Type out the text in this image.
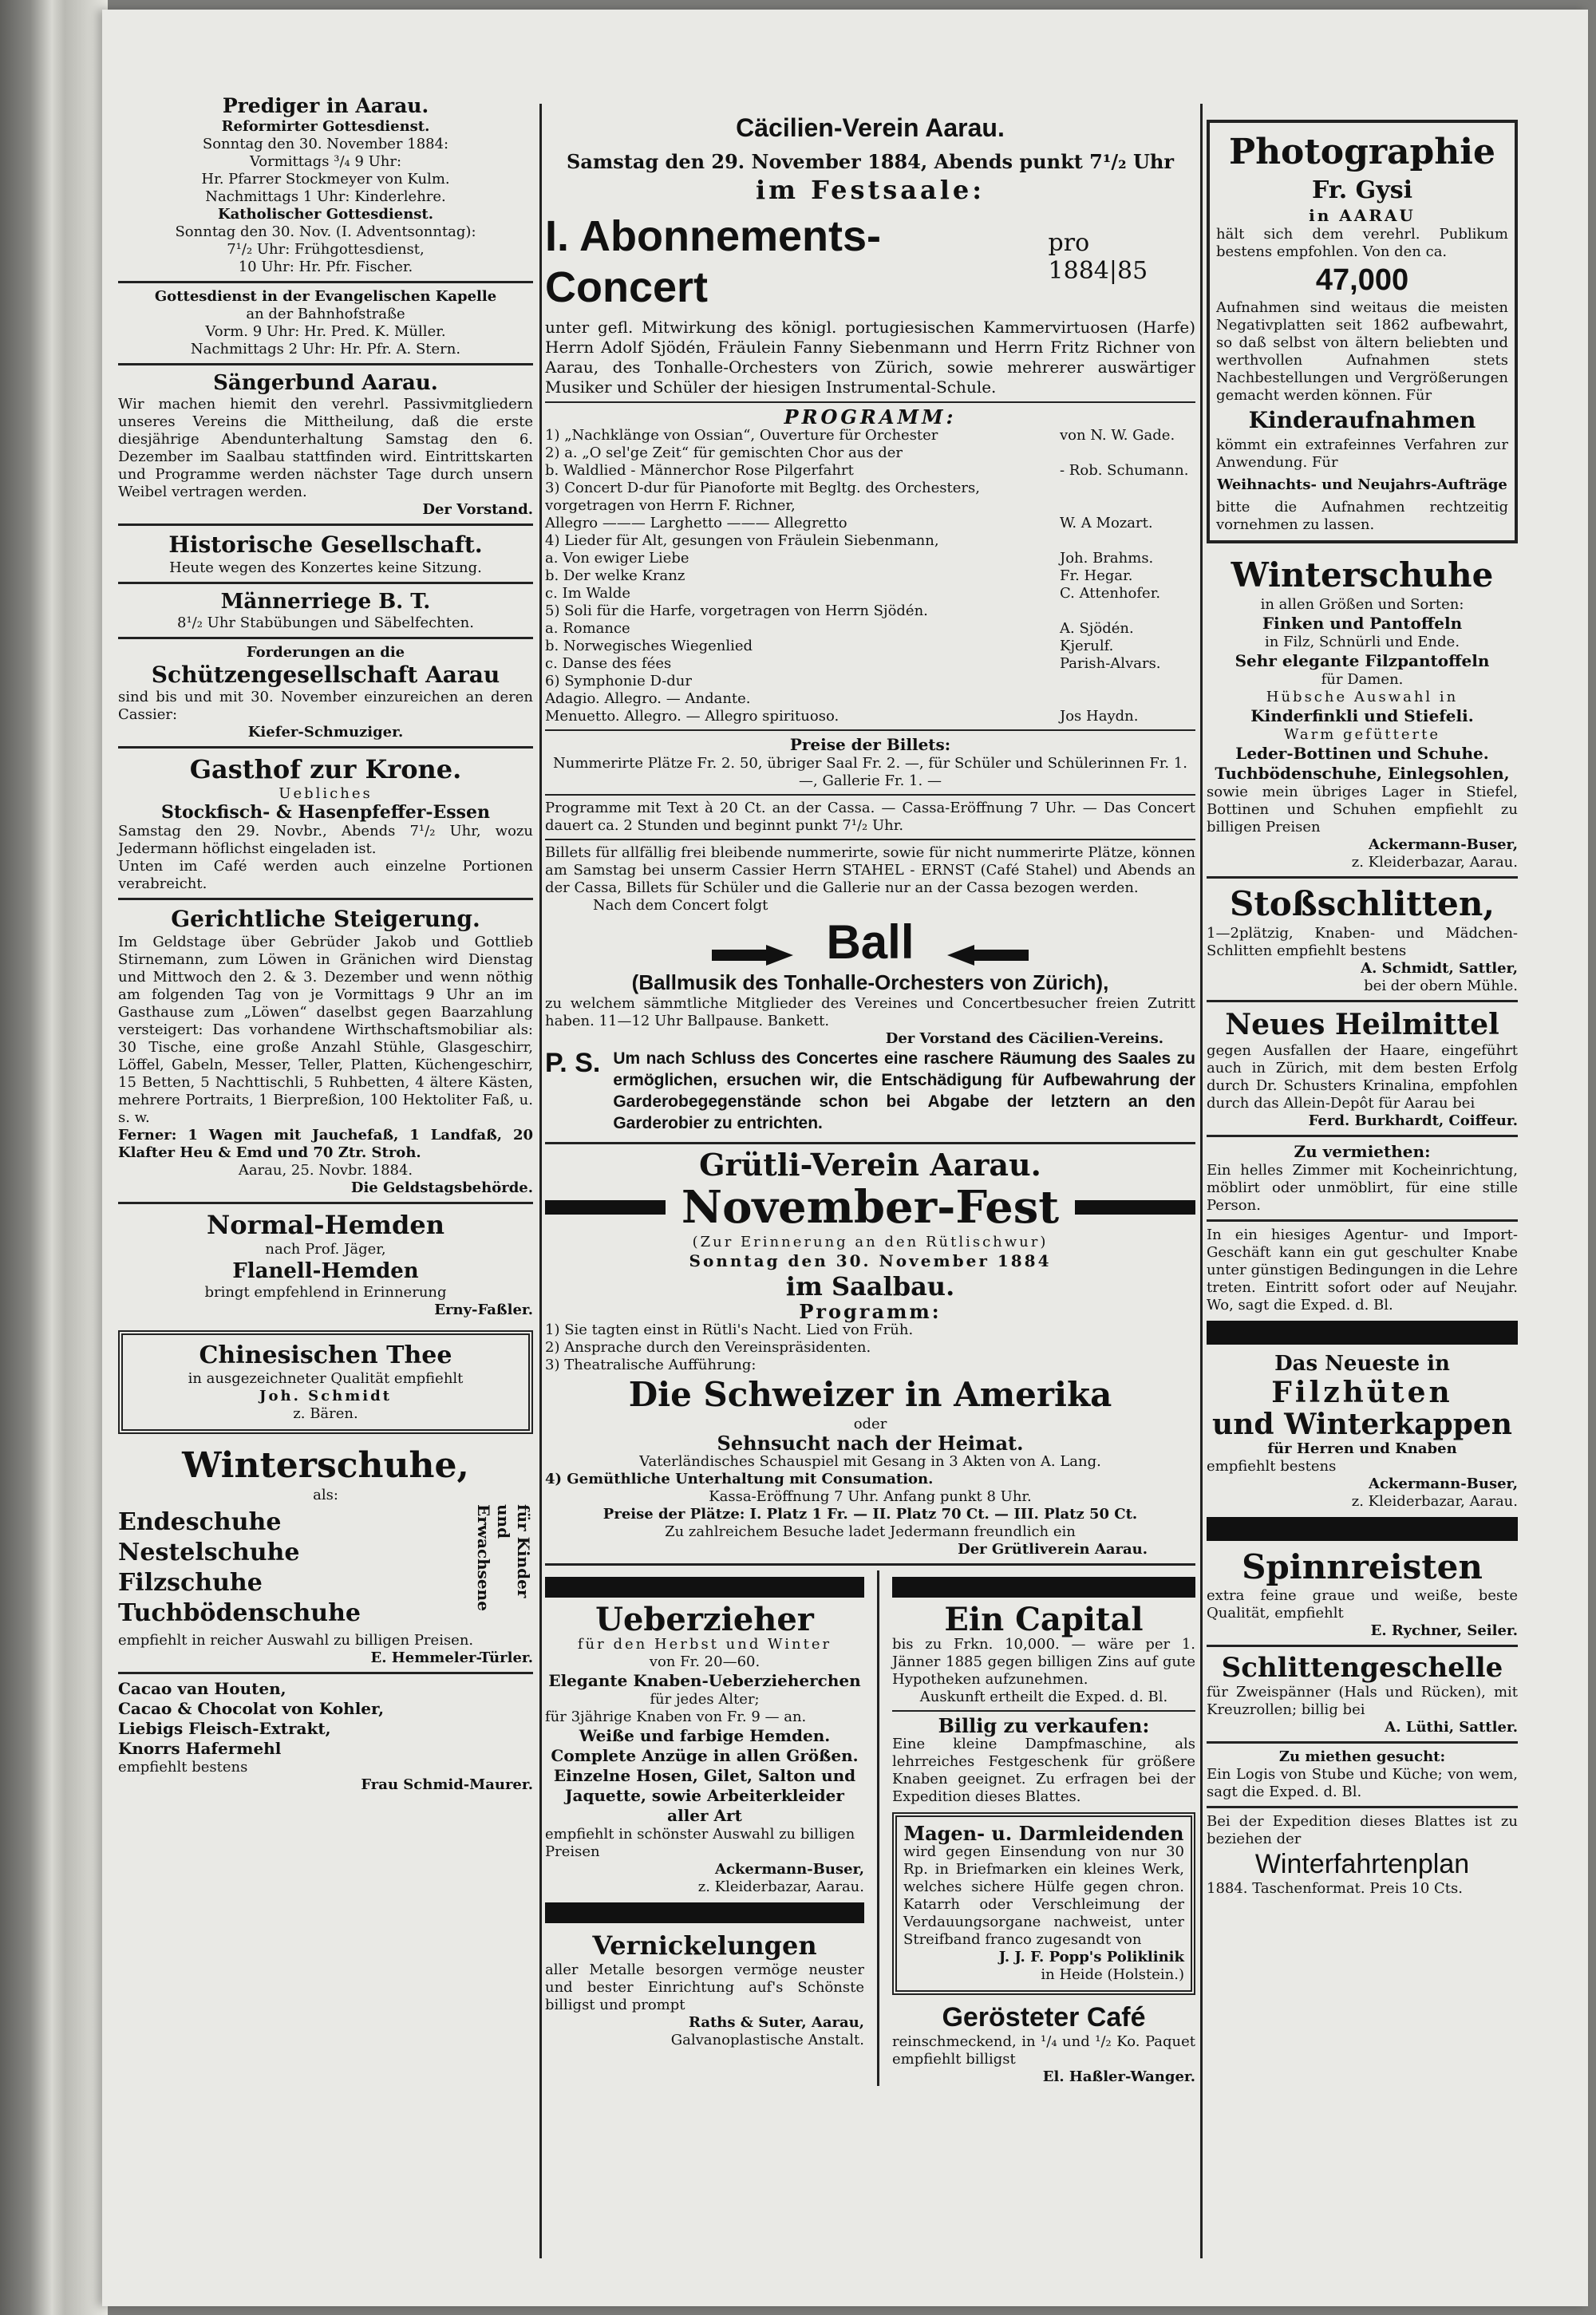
Prediger in Aarau.

Reformirter Gottesdienst.

Sonntag den 30. November 1884:

Vormittags ³/₄ 9 Uhr:

Hr. Pfarrer Stockmeyer von Kulm.

Nachmittags 1 Uhr: Kinderlehre.

Katholischer Gottesdienst.

Sonntag den 30. Nov. (I. Adventsonntag):

7¹/₂ Uhr: Frühgottesdienst,

10 Uhr: Hr. Pfr. Fischer.

Gottesdienst in der Evangelischen Kapelle

an der Bahnhofstraße

Vorm. 9 Uhr: Hr. Pred. K. Müller.

Nachmittags 2 Uhr: Hr. Pfr. A. Stern.

Sängerbund Aarau.

Wir machen hiemit den verehrl. Passivmitgliedern unseres Vereins die Mittheilung, daß die erste diesjährige Abendunterhaltung Samstag den 6. Dezember im Saalbau stattfinden wird. Eintrittskarten und Programme werden nächster Tage durch unsern Weibel vertragen werden.

Der Vorstand.

Historische Gesellschaft.

Heute wegen des Konzertes keine Sitzung.

Männerriege B. T.

8¹/₂ Uhr Stabübungen und Säbelfechten.

Forderungen an die

Schützengesellschaft Aarau

sind bis und mit 30. November einzureichen an deren Cassier:

Kiefer-Schmuziger.

Gasthof zur Krone.

Uebliches

Stockfisch- & Hasenpfeffer-Essen

Samstag den 29. Novbr., Abends 7¹/₂ Uhr, wozu Jedermann höflichst eingeladen ist.

Unten im Café werden auch einzelne Portionen verabreicht.

Gerichtliche Steigerung.

Im Geldstage über Gebrüder Jakob und Gottlieb Stirnemann, zum Löwen in Gränichen wird Dienstag und Mittwoch den 2. & 3. Dezember und wenn nöthig am folgenden Tag von je Vormittags 9 Uhr an im Gasthause zum „Löwen“ daselbst gegen Baarzahlung versteigert: Das vorhandene Wirthschaftsmobiliar als: 30 Tische, eine große Anzahl Stühle, Glasgeschirr, Löffel, Gabeln, Messer, Teller, Platten, Küchengeschirr, 15 Betten, 5 Nachttischli, 5 Ruhbetten, 4 ältere Kästen, mehrere Portraits, 1 Bierpreßion, 100 Hektoliter Faß, u. s. w.

Ferner: 1 Wagen mit Jauchefaß, 1 Landfaß, 20 Klafter Heu & Emd und 70 Ztr. Stroh.

Aarau, 25. Novbr. 1884.

Die Geldstagsbehörde.

Normal-Hemden

nach Prof. Jäger,

Flanell-Hemden

bringt empfehlend in Erinnerung

Erny-Faßler.

Chinesischen Thee

in ausgezeichneter Qualität empfiehlt

Joh. Schmidt

z. Bären.

Winterschuhe,

als:

Endeschuhe

Nestelschuhe

Filzschuhe

Tuchbödenschuhe

für Kinder und Erwachsene

empfiehlt in reicher Auswahl zu billigen Preisen.

E. Hemmeler-Türler.

Cacao van Houten,

Cacao & Chocolat von Kohler,

Liebigs Fleisch-Extrakt,

Knorrs Hafermehl

empfiehlt bestens

Frau Schmid-Maurer.

Cäcilien-Verein Aarau.

Samstag den 29. November 1884, Abends punkt 7¹/₂ Uhr

im Festsaale:

I. Abonnements-Concert

pro 1884|85

unter gefl. Mitwirkung des königl. portugiesischen Kammervirtuosen (Harfe) Herrn Adolf Sjödén, Fräulein Fanny Siebenmann und Herrn Fritz Richner von Aarau, des Tonhalle-Orchesters von Zürich, sowie mehrerer auswärtiger Musiker und Schüler der hiesigen Instrumental-Schule.

PROGRAMM:

1) „Nachklänge von Ossian“, Ouverture für Orchester	von N. W. Gade.
2) a. „O sel'ge Zeit“ für gemischten Chor aus der
b. Waldlied - Männerchor Rose Pilgerfahrt	- Rob. Schumann.
3) Concert D-dur für Pianoforte mit Begltg. des Orchesters,
vorgetragen von Herrn F. Richner,
Allegro ——— Larghetto ——— Allegretto	W. A Mozart.
4) Lieder für Alt, gesungen von Fräulein Siebenmann,
a. Von ewiger Liebe	Joh. Brahms.
b. Der welke Kranz	Fr. Hegar.
c. Im Walde	C. Attenhofer.
5) Soli für die Harfe, vorgetragen von Herrn Sjödén.
a. Romance	A. Sjödén.
b. Norwegisches Wiegenlied	Kjerulf.
c. Danse des fées	Parish-Alvars.
6) Symphonie D-dur
Adagio. Allegro. — Andante.
Menuetto. Allegro. — Allegro spirituoso.	Jos Haydn.

Preise der Billets:

Nummerirte Plätze Fr. 2. 50, übriger Saal Fr. 2. —, für Schüler und Schülerinnen Fr. 1. —, Gallerie Fr. 1. —

Programme mit Text à 20 Ct. an der Cassa. — Cassa-Eröffnung 7 Uhr. — Das Concert dauert ca. 2 Stunden und beginnt punkt 7¹/₂ Uhr.

Billets für allfällig frei bleibende nummerirte, sowie für nicht nummerirte Plätze, können am Samstag bei unserm Cassier Herrn STAHEL - ERNST (Café Stahel) und Abends an der Cassa, Billets für Schüler und die Gallerie nur an der Cassa bezogen werden.

Nach dem Concert folgt

Ball

(Ballmusik des Tonhalle-Orchesters von Zürich),

zu welchem sämmtliche Mitglieder des Vereines und Concertbesucher freien Zutritt haben. 11—12 Uhr Ballpause. Bankett.

Der Vorstand des Cäcilien-Vereins.

P. S. Um nach Schluss des Concertes eine raschere Räumung des Saales zu ermöglichen, ersuchen wir, die Entschädigung für Aufbewahrung der Garderobegegenstände schon bei Abgabe der letztern an den Garderobier zu entrichten.

Grütli-Verein Aarau.

November-Fest

(Zur Erinnerung an den Rütlischwur)

Sonntag den 30. November 1884

im Saalbau.

Programm:

1) Sie tagten einst in Rütli's Nacht. Lied von Früh.

2) Ansprache durch den Vereinspräsidenten.

3) Theatralische Aufführung:

Die Schweizer in Amerika

oder

Sehnsucht nach der Heimat.

Vaterländisches Schauspiel mit Gesang in 3 Akten von A. Lang.

4) Gemüthliche Unterhaltung mit Consumation.

Kassa-Eröffnung 7 Uhr. Anfang punkt 8 Uhr.

Preise der Plätze: I. Platz 1 Fr. — II. Platz 70 Ct. — III. Platz 50 Ct.

Zu zahlreichem Besuche ladet Jedermann freundlich ein

Der Grütliverein Aarau.

Ueberzieher

für den Herbst und Winter

von Fr. 20—60.

Elegante Knaben-Ueberzieherchen

für jedes Alter;

für 3jährige Knaben von Fr. 9 — an.

Weiße und farbige Hemden.

Complete Anzüge in allen Größen.

Einzelne Hosen, Gilet, Salton und Jaquette, sowie Arbeiterkleider aller Art

empfiehlt in schönster Auswahl zu billigen Preisen

Ackermann-Buser,

z. Kleiderbazar, Aarau.

Vernickelungen

aller Metalle besorgen vermöge neuster und bester Einrichtung auf's Schönste billigst und prompt

Raths & Suter, Aarau,

Galvanoplastische Anstalt.

Ein Capital

bis zu Frkn. 10,000. — wäre per 1. Jänner 1885 gegen billigen Zins auf gute Hypotheken aufzunehmen.

Auskunft ertheilt die Exped. d. Bl.

Billig zu verkaufen:

Eine kleine Dampfmaschine, als lehrreiches Festgeschenk für größere Knaben geeignet. Zu erfragen bei der Expedition dieses Blattes.

Magen- u. Darmleidenden

wird gegen Einsendung von nur 30 Rp. in Briefmarken ein kleines Werk, welches sichere Hülfe gegen chron. Katarrh oder Verschleimung der Verdauungsorgane nachweist, unter Streifband franco zugesandt von

J. J. F. Popp's Poliklinik

in Heide (Holstein.)

Gerösteter Café

reinschmeckend, in ¹/₄ und ¹/₂ Ko. Paquet empfiehlt billigst

El. Haßler-Wanger.

Photographie

Fr. Gysi

in AARAU

hält sich dem verehrl. Publikum bestens empfohlen. Von den ca.

47,000

Aufnahmen sind weitaus die meisten Negativplatten seit 1862 aufbewahrt, so daß selbst von ältern beliebten und werthvollen Aufnahmen stets Nachbestellungen und Vergrößerungen gemacht werden können. Für

Kinderaufnahmen

kömmt ein extrafeinnes Verfahren zur Anwendung. Für

Weihnachts- und Neujahrs-Aufträge

bitte die Aufnahmen rechtzeitig vornehmen zu lassen.

Winterschuhe

in allen Größen und Sorten:

Finken und Pantoffeln

in Filz, Schnürli und Ende.

Sehr elegante Filzpantoffeln

für Damen.

Hübsche Auswahl in

Kinderfinkli und Stiefeli.

Warm gefütterte

Leder-Bottinen und Schuhe.

Tuchbödenschuhe, Einlegsohlen,

sowie mein übriges Lager in Stiefel, Bottinen und Schuhen empfiehlt zu billigen Preisen

Ackermann-Buser,

z. Kleiderbazar, Aarau.

Stoßschlitten,

1—2plätzig, Knaben- und Mädchen-Schlitten empfiehlt bestens

A. Schmidt, Sattler,

bei der obern Mühle.

Neues Heilmittel

gegen Ausfallen der Haare, eingeführt auch in Zürich, mit dem besten Erfolg durch Dr. Schusters Krinalina, empfohlen durch das Allein-Depôt für Aarau bei

Ferd. Burkhardt, Coiffeur.

Zu vermiethen:

Ein helles Zimmer mit Kocheinrichtung, möblirt oder unmöblirt, für eine stille Person.

In ein hiesiges Agentur- und Import-Geschäft kann ein gut geschulter Knabe unter günstigen Bedingungen in die Lehre treten. Eintritt sofort oder auf Neujahr. Wo, sagt die Exped. d. Bl.

Das Neueste in

Filzhüten

und Winterkappen

für Herren und Knaben

empfiehlt bestens

Ackermann-Buser,

z. Kleiderbazar, Aarau.

Spinnreisten

extra feine graue und weiße, beste Qualität, empfiehlt

E. Rychner, Seiler.

Schlittengeschelle

für Zweispänner (Hals und Rücken), mit Kreuzrollen; billig bei

A. Lüthi, Sattler.

Zu miethen gesucht:

Ein Logis von Stube und Küche; von wem, sagt die Exped. d. Bl.

Bei der Expedition dieses Blattes ist zu beziehen der

Winterfahrtenplan

1884. Taschenformat. Preis 10 Cts.
